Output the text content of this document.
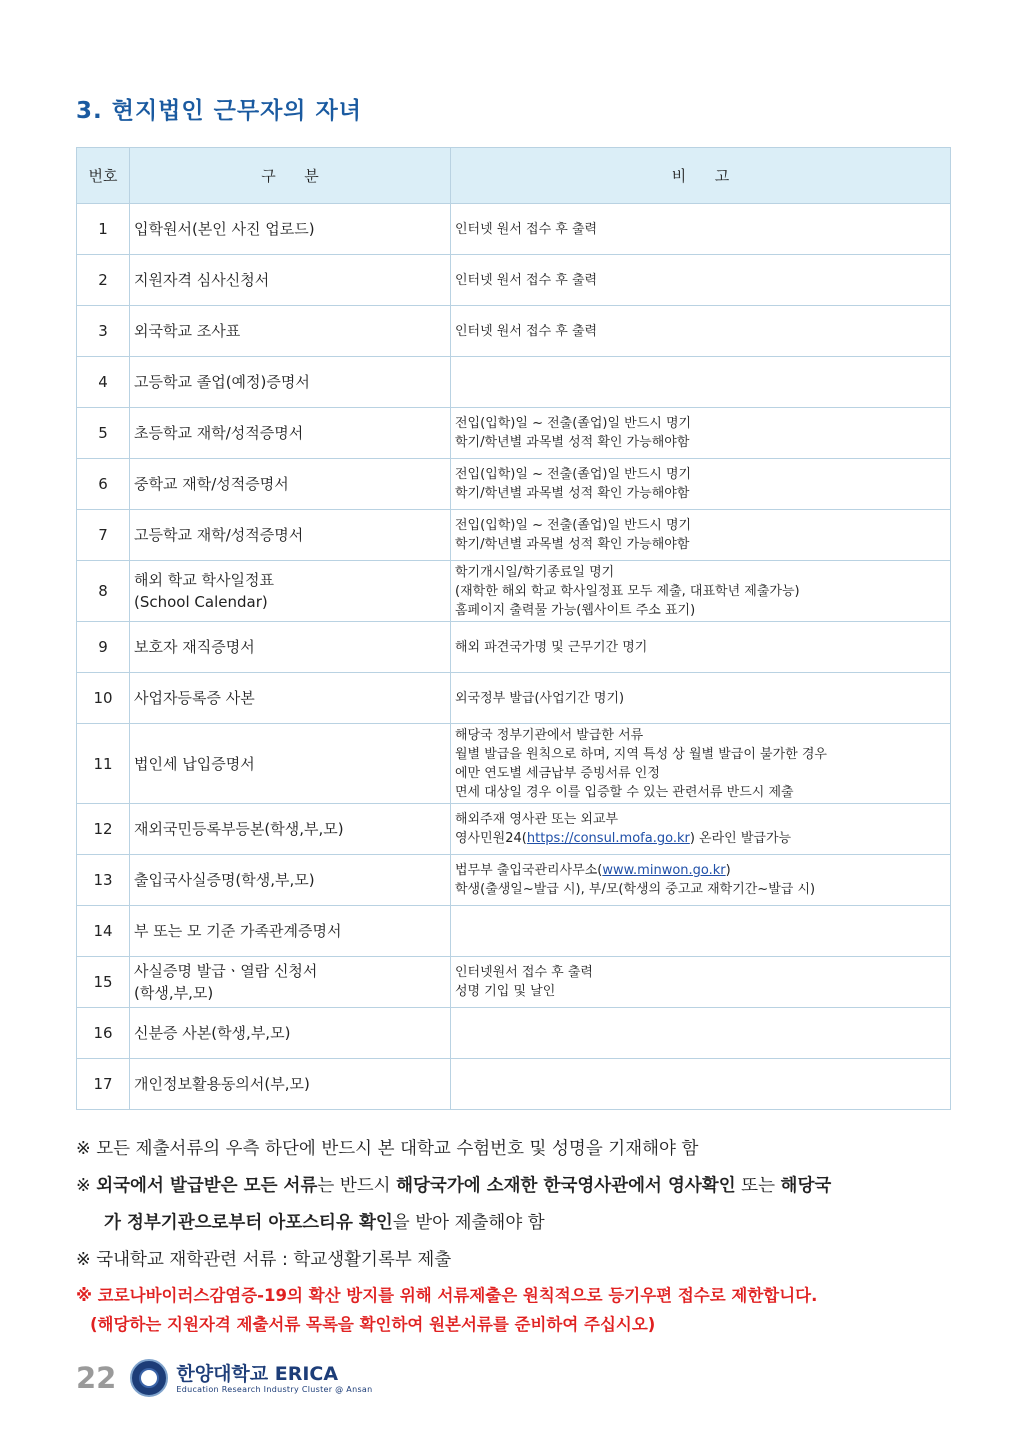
3. 현지법인 근무자의 자녀
번호	구      분	비      고
1	입학원서(본인 사진 업로드)	인터넷 원서 접수 후 출력

2	지원자격 심사신청서	인터넷 원서 접수 후 출력

3	외국학교 조사표	인터넷 원서 접수 후 출력

4	고등학교 졸업(예정)증명서	

5	초등학교 재학/성적증명서	전입(입학)일 ~ 전출(졸업)일 반드시 명기
학기/학년별 과목별 성적 확인 가능해야함

6	중학교 재학/성적증명서	전입(입학)일 ~ 전출(졸업)일 반드시 명기
학기/학년별 과목별 성적 확인 가능해야함

7	고등학교 재학/성적증명서	전입(입학)일 ~ 전출(졸업)일 반드시 명기
학기/학년별 과목별 성적 확인 가능해야함

8	해외 학교 학사일정표
(School Calendar)	학기개시일/학기종료일 명기
(재학한 해외 학교 학사일정표 모두 제출, 대표학년 제출가능)
홈페이지 출력물 가능(웹사이트 주소 표기)

9	보호자 재직증명서	해외 파견국가명 및 근무기간 명기

10	사업자등록증 사본	외국정부 발급(사업기간 명기)

11	법인세 납입증명서	해당국 정부기관에서 발급한 서류
월별 발급을 원칙으로 하며, 지역 특성 상 월별 발급이 불가한 경우
에만 연도별 세금납부 증빙서류 인정
면세 대상일 경우 이를 입증할 수 있는 관련서류 반드시 제출

12	재외국민등록부등본(학생,부,모)	해외주재 영사관 또는 외교부
영사민원24(https://consul.mofa.go.kr) 온라인 발급가능

13	출입국사실증명(학생,부,모)	법무부 출입국관리사무소(www.minwon.go.kr)
학생(출생일~발급 시), 부/모(학생의 중고교 재학기간~발급 시)

14	부 또는 모 기준 가족관계증명서	

15	사실증명 발급ㆍ열람 신청서
(학생,부,모)	인터넷원서 접수 후 출력
성명 기입 및 날인

16	신분증 사본(학생,부,모)	

17	개인정보활용동의서(부,모)	

※ 모든 제출서류의 우측 하단에 반드시 본 대학교 수험번호 및 성명을 기재해야 함
※ 외국에서 발급받은 모든 서류는 반드시 해당국가에 소재한 한국영사관에서 영사확인 또는 해당국
가 정부기관으로부터 아포스티유 확인을 받아 제출해야 함
※ 국내학교 재학관련 서류 : 학교생활기록부 제출
※ 코로나바이러스감염증-19의 확산 방지를 위해 서류제출은 원칙적으로 등기우편 접수로 제한합니다.
(해당하는 지원자격 제출서류 목록을 확인하여 원본서류를 준비하여 주십시오)
22	한양대학교 ERICA
Education Research Industry Cluster @ Ansan
